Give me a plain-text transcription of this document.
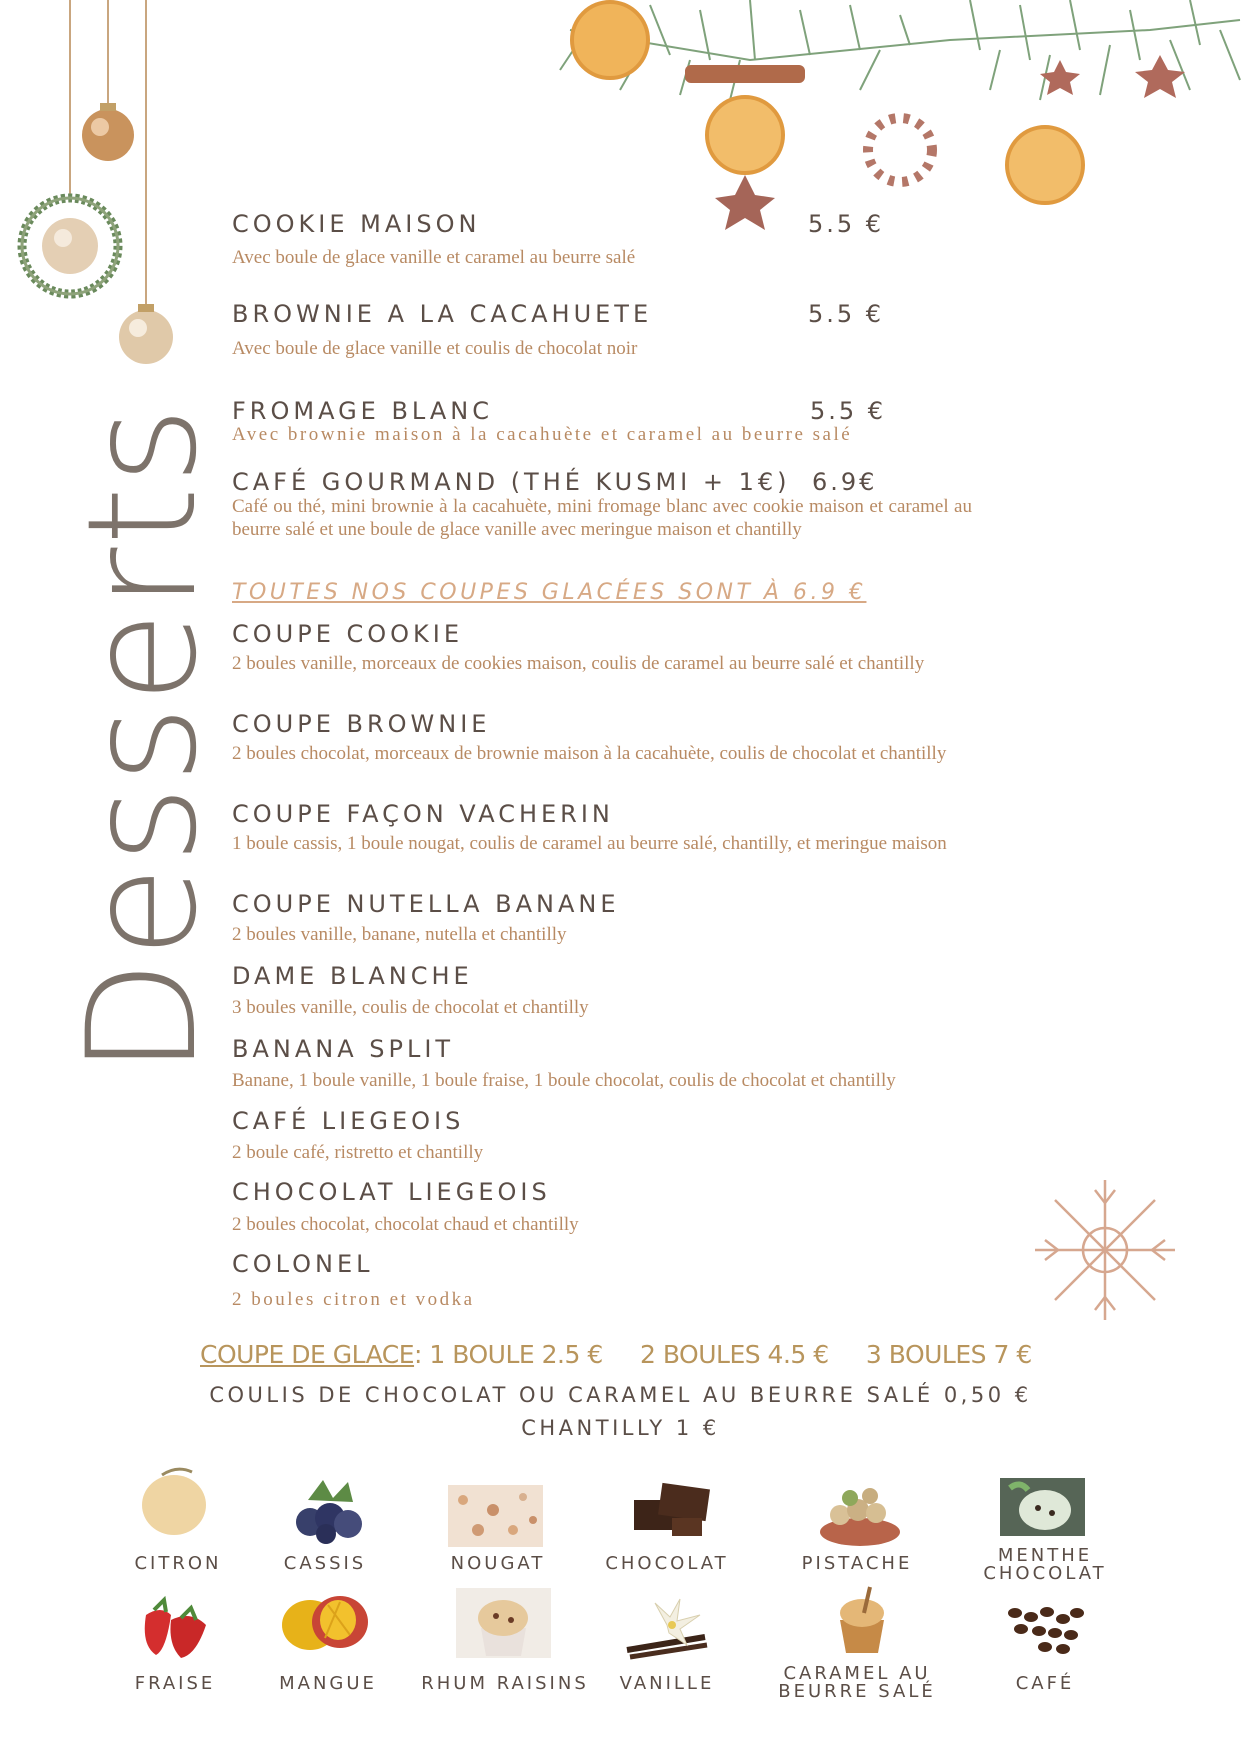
Desserts
COOKIE MAISON	5.5 €
Avec boule de glace vanille et caramel au beurre salé
BROWNIE A LA CACAHUETE	5.5 €
Avec boule de glace vanille et coulis de chocolat noir
FROMAGE BLANC	5.5 €
Avec brownie maison à la cacahuète et caramel au beurre salé
CAFÉ GOURMAND (THÉ KUSMI + 1€) 6.9€
Café ou thé, mini brownie à la cacahuète, mini fromage blanc avec cookie maison et caramel au beurre salé et une boule de glace vanille avec meringue maison et chantilly
TOUTES NOS COUPES GLACÉES SONT À 6.9 €
COUPE COOKIE
2 boules vanille, morceaux de cookies maison, coulis de caramel au beurre salé et chantilly
COUPE BROWNIE
2 boules chocolat, morceaux de brownie maison à la cacahuète, coulis de chocolat et chantilly
COUPE FAÇON VACHERIN
1 boule cassis, 1 boule nougat, coulis de caramel au beurre salé, chantilly, et meringue maison
COUPE NUTELLA BANANE
2 boules vanille, banane, nutella et chantilly
DAME BLANCHE
3 boules vanille, coulis de chocolat et chantilly
BANANA SPLIT
Banane, 1 boule vanille, 1 boule fraise, 1 boule chocolat, coulis de chocolat et chantilly
CAFÉ LIEGEOIS
2 boule café, ristretto et chantilly
CHOCOLAT LIEGEOIS
2 boules chocolat, chocolat chaud et chantilly
COLONEL
2 boules citron et vodka
COUPE DE GLACE: 1 BOULE 2.5 €     2 BOULES 4.5 €     3 BOULES 7 €
COULIS DE CHOCOLAT OU CARAMEL AU BEURRE SALÉ 0,50 €
CHANTILLY 1 €
CITRON	CASSIS	NOUGAT	CHOCOLAT	PISTACHE	MENTHE CHOCOLAT
FRAISE	MANGUE	RHUM RAISINS	VANILLE	CARAMEL AU BEURRE SALÉ	CAFÉ
